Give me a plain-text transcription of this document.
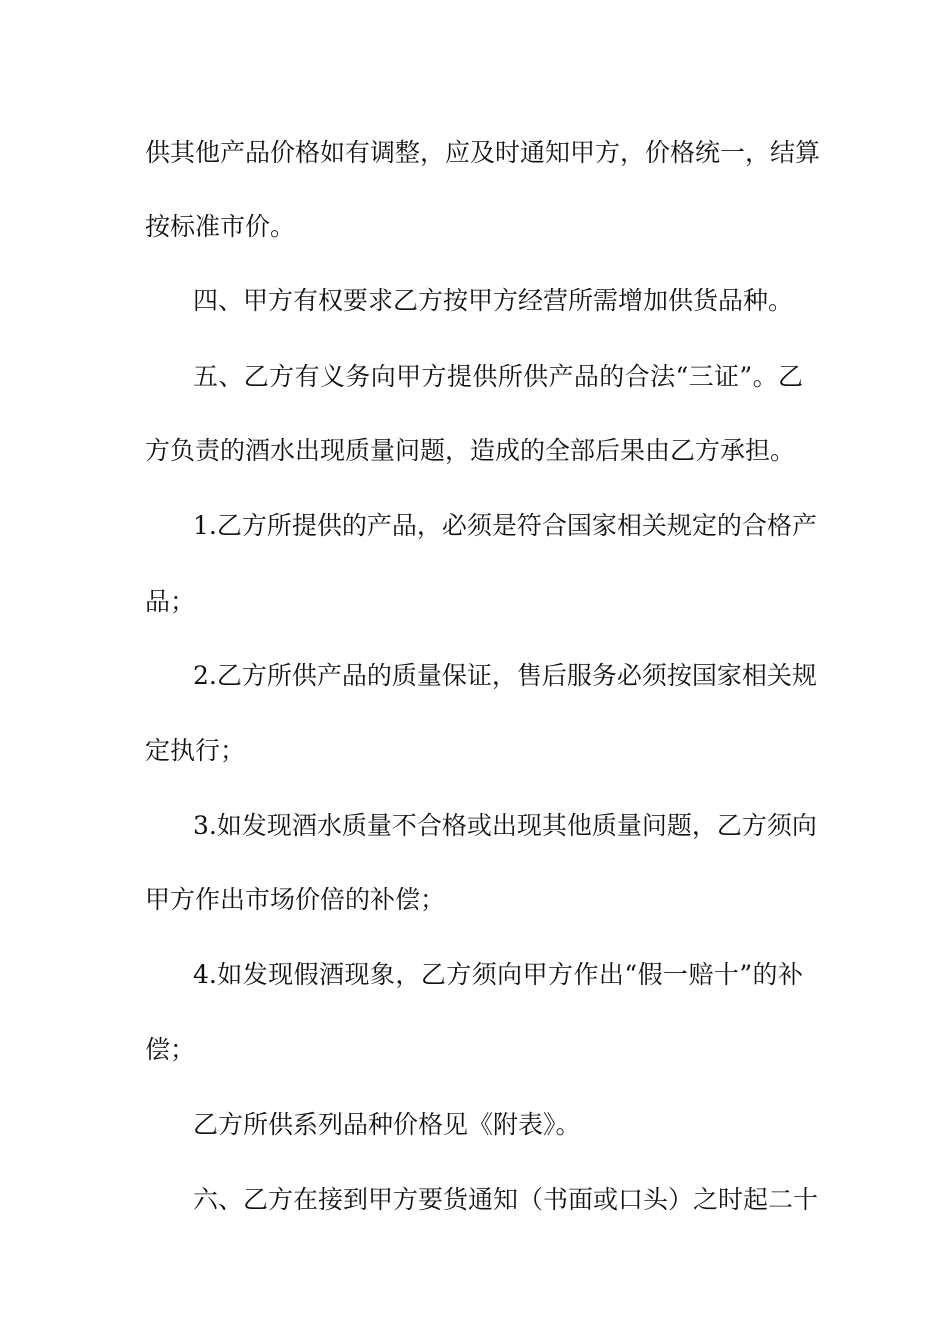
供其他产品价格如有调整，应及时通知甲方，价格统一，结算
按标准市价。
四、甲方有权要求乙方按甲方经营所需增加供货品种。
五、乙方有义务向甲方提供所供产品的合法“三证”。乙
方负责的酒水出现质量问题，造成的全部后果由乙方承担。
1.乙方所提供的产品，必须是符合国家相关规定的合格产
品；
2.乙方所供产品的质量保证，售后服务必须按国家相关规
定执行；
3.如发现酒水质量不合格或出现其他质量问题，乙方须向
甲方作出市场价倍的补偿；
4.如发现假酒现象，乙方须向甲方作出“假一赔十”的补
偿；
乙方所供系列品种价格见《附表》。
六、乙方在接到甲方要货通知（书面或口头）之时起二十
